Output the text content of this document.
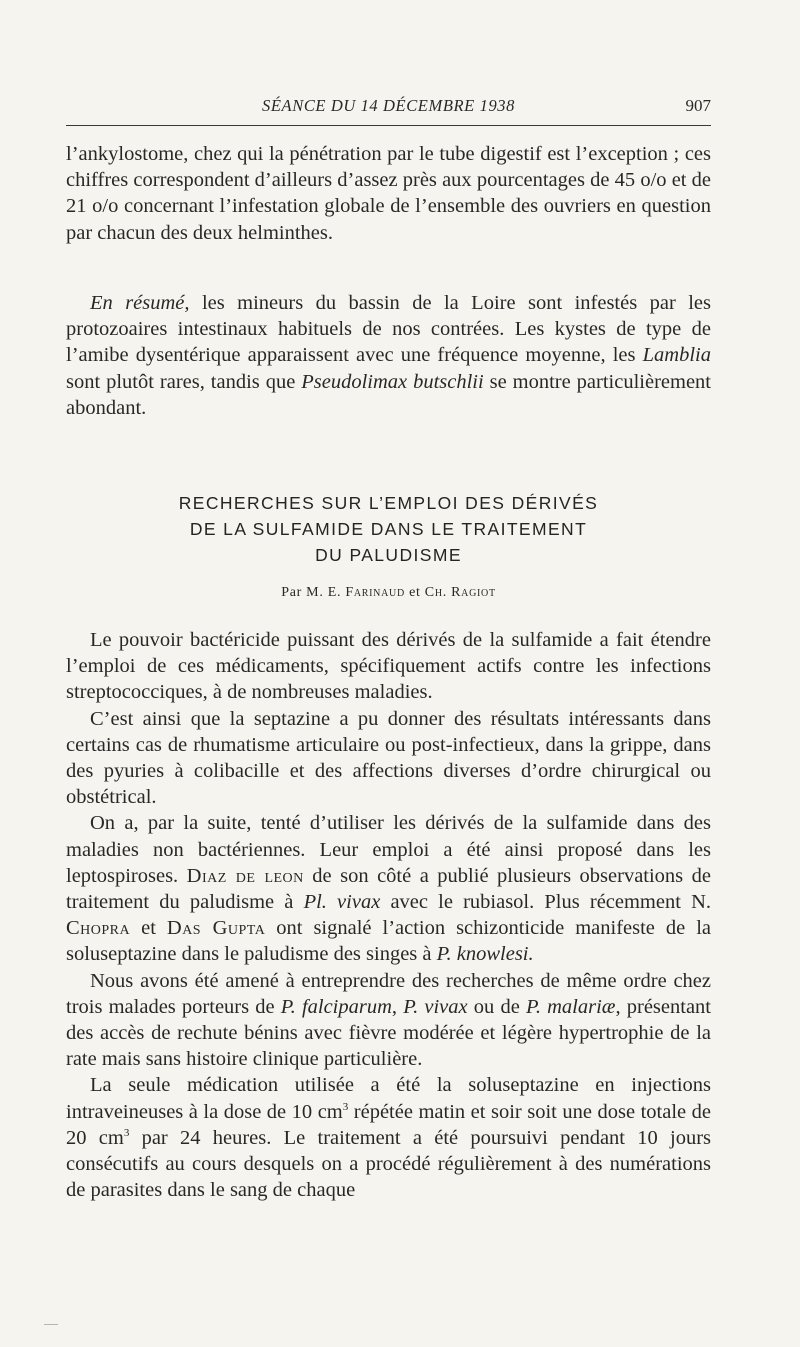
SÉANCE DU 14 DÉCEMBRE 1938	907

l’ankylostome, chez qui la pénétration par le tube digestif est l’exception ; ces chiffres correspondent d’ailleurs d’assez près aux pourcentages de 45 o/o et de 21 o/o concernant l’infestation globale de l’ensemble des ouvriers en question par chacun des deux helminthes.

En résumé, les mineurs du bassin de la Loire sont infestés par les protozoaires intestinaux habituels de nos contrées. Les kystes de type de l’amibe dysentérique apparaissent avec une fréquence moyenne, les Lamblia sont plutôt rares, tandis que Pseudolimax butschlii se montre particulièrement abondant.

RECHERCHES SUR L’EMPLOI DES DÉRIVÉS
DE LA SULFAMIDE DANS LE TRAITEMENT
DU PALUDISME
Par M. E. Farinaud et Ch. Ragiot

Le pouvoir bactéricide puissant des dérivés de la sulfamide a fait étendre l’emploi de ces médicaments, spécifiquement actifs contre les infections streptococciques, à de nombreuses maladies.

C’est ainsi que la septazine a pu donner des résultats intéressants dans certains cas de rhumatisme articulaire ou post-infectieux, dans la grippe, dans des pyuries à colibacille et des affections diverses d’ordre chirurgical ou obstétrical.

On a, par la suite, tenté d’utiliser les dérivés de la sulfamide dans des maladies non bactériennes. Leur emploi a été ainsi proposé dans les leptospiroses. Diaz de leon de son côté a publié plusieurs observations de traitement du paludisme à Pl. vivax avec le rubiasol. Plus récemment N. Chopra et Das Gupta ont signalé l’action schizonticide manifeste de la soluseptazine dans le paludisme des singes à P. knowlesi.

Nous avons été amené à entreprendre des recherches de même ordre chez trois malades porteurs de P. falciparum, P. vivax ou de P. malariæ, présentant des accès de rechute bénins avec fièvre modérée et légère hypertrophie de la rate mais sans histoire clinique particulière.

La seule médication utilisée a été la soluseptazine en injections intraveineuses à la dose de 10 $cm^3$ répétée matin et soir soit une dose totale de 20 $cm^3$ par 24 heures. Le traitement a été poursuivi pendant 10 jours consécutifs au cours desquels on a procédé régulièrement à des numérations de parasites dans le sang de chaque
